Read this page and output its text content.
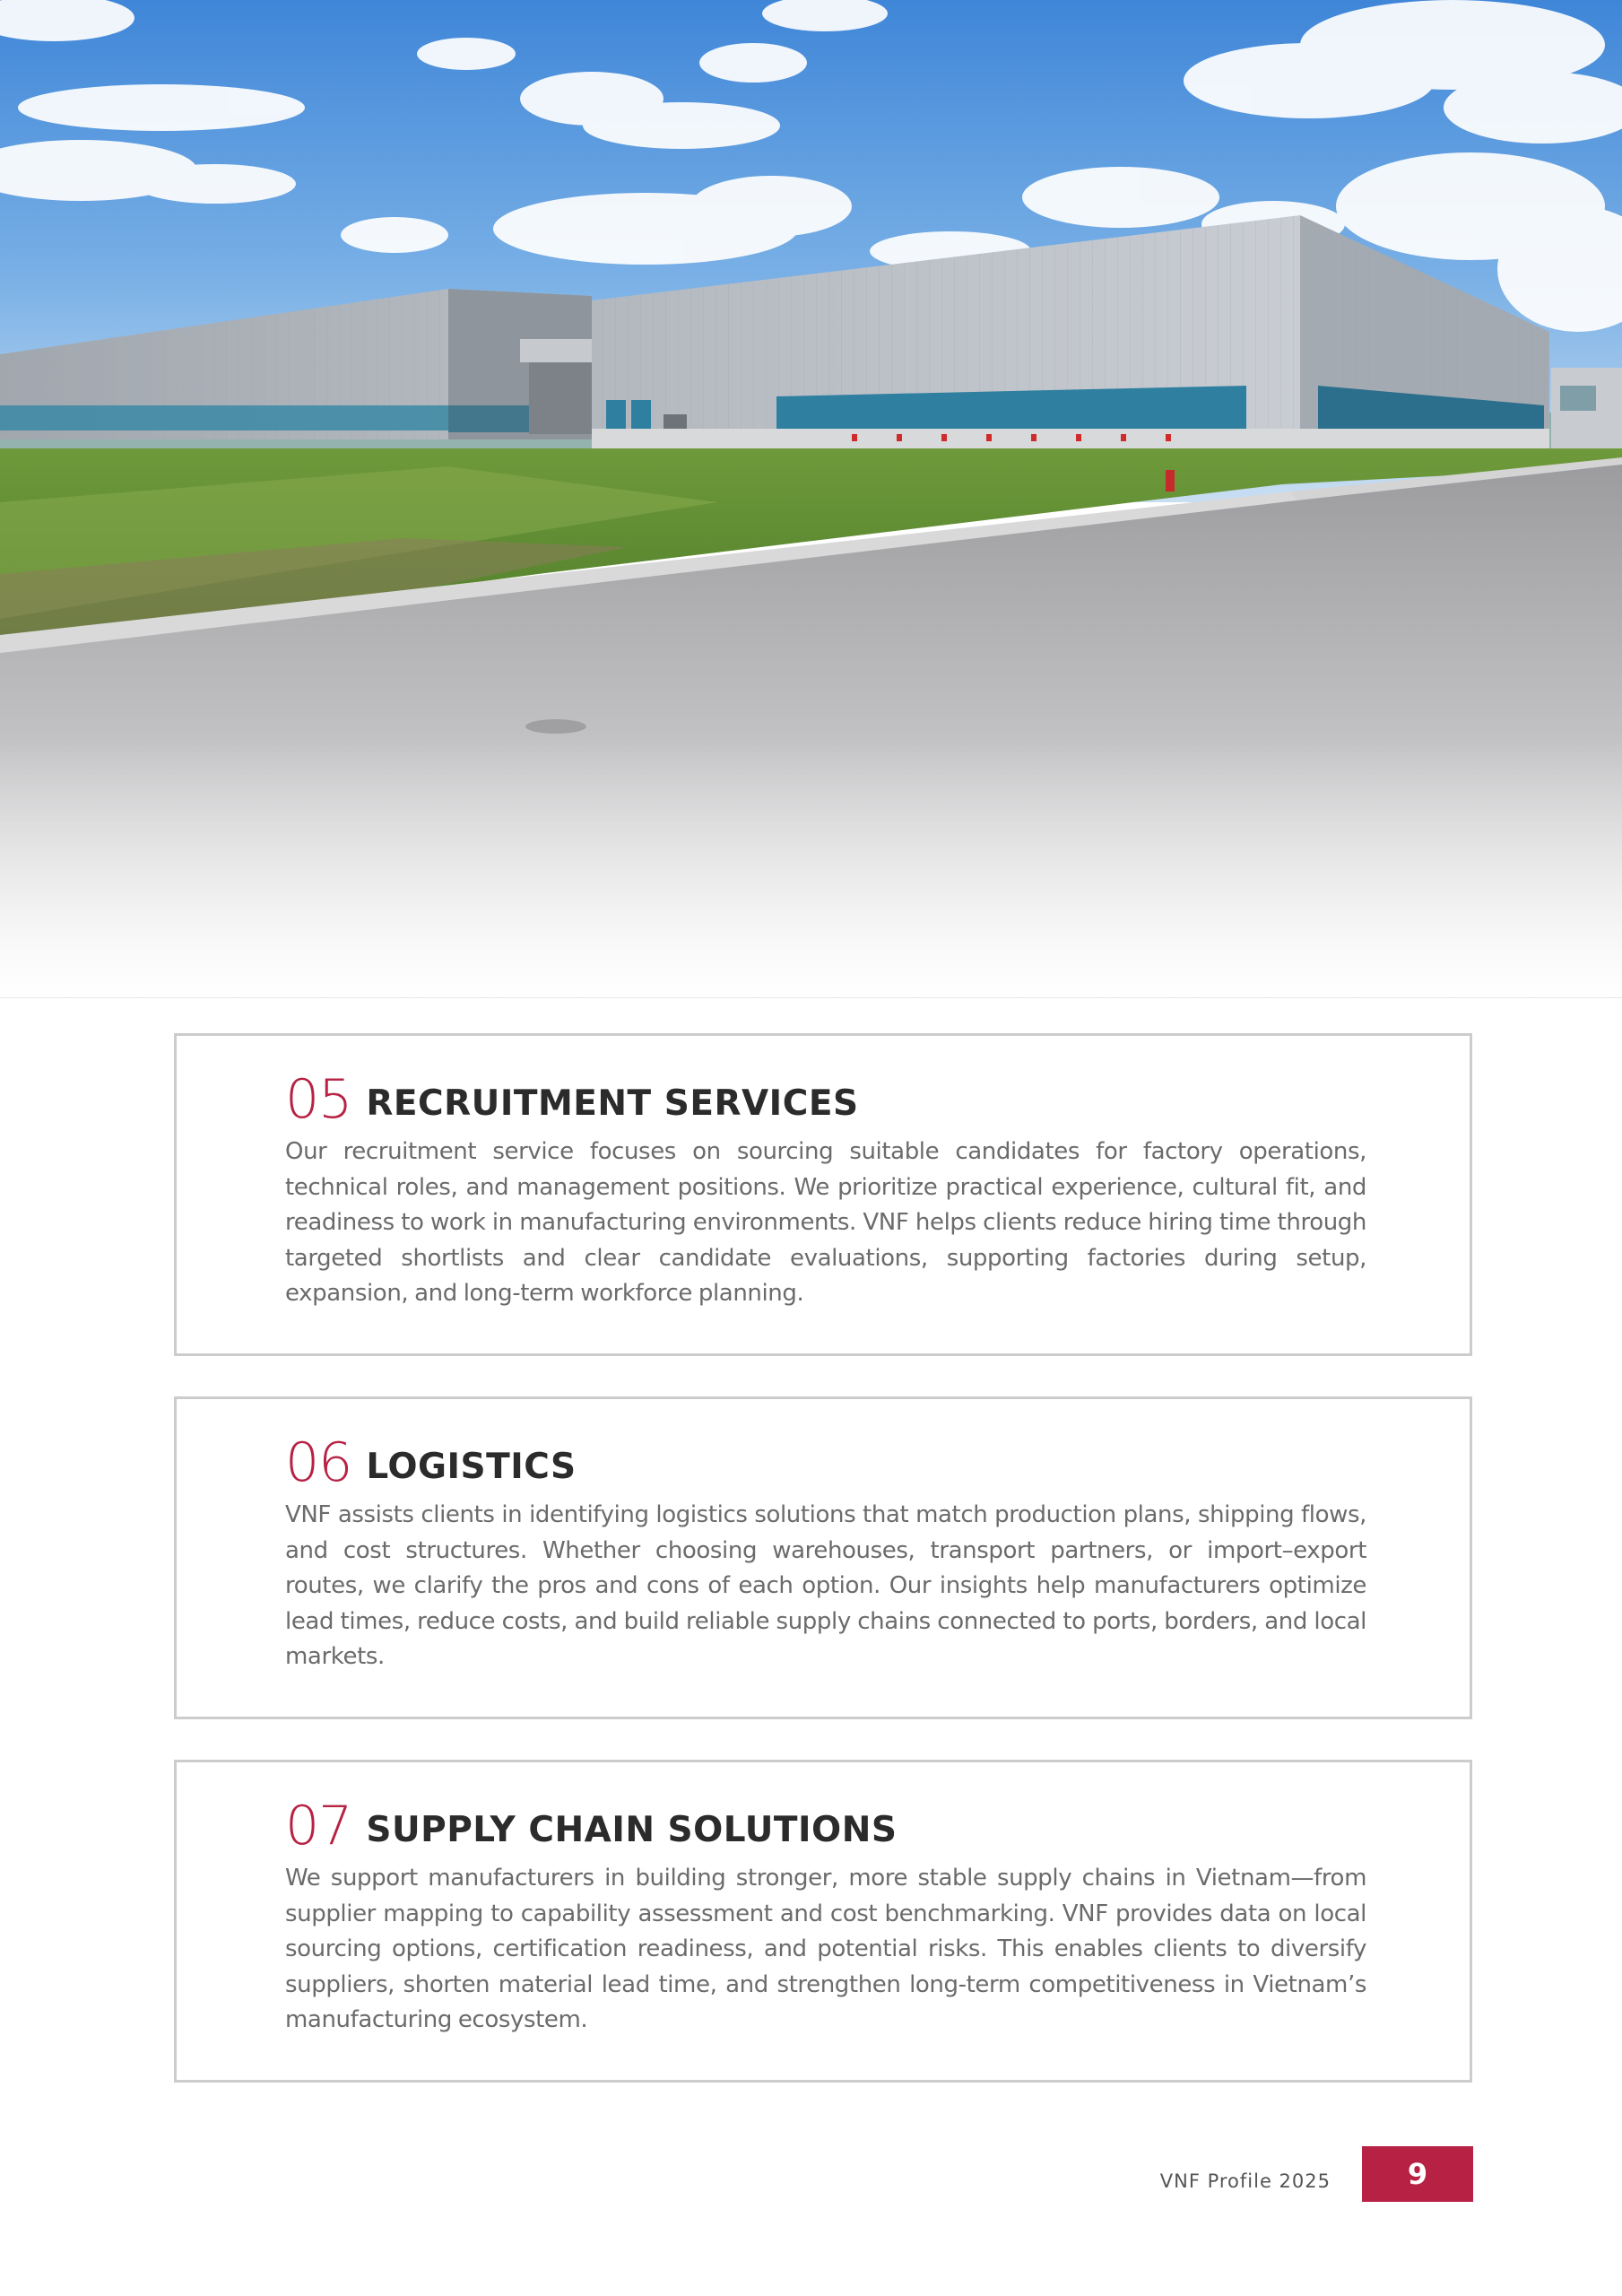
05 RECRUITMENT SERVICES

Our recruitment service focuses on sourcing suitable candidates for factory operations, technical roles, and management positions. We prioritize practical experience, cultural fit, and readiness to work in manufacturing environments. VNF helps clients reduce hiring time through targeted shortlists and clear candidate evaluations, supporting factories during setup, expansion, and long-term workforce planning.

06 LOGISTICS

VNF assists clients in identifying logistics solutions that match production plans, shipping flows, and cost structures. Whether choosing warehouses, transport partners, or import–export routes, we clarify the pros and cons of each option. Our insights help manufacturers optimize lead times, reduce costs, and build reliable supply chains connected to ports, borders, and local markets.

07 SUPPLY CHAIN SOLUTIONS

We support manufacturers in building stronger, more stable supply chains in Vietnam—from supplier mapping to capability assessment and cost benchmarking. VNF provides data on local sourcing options, certification readiness, and potential risks. This enables clients to diversify suppliers, shorten material lead time, and strengthen long-term competitiveness in Vietnam’s manufacturing ecosystem.

VNF Profile 2025	9
